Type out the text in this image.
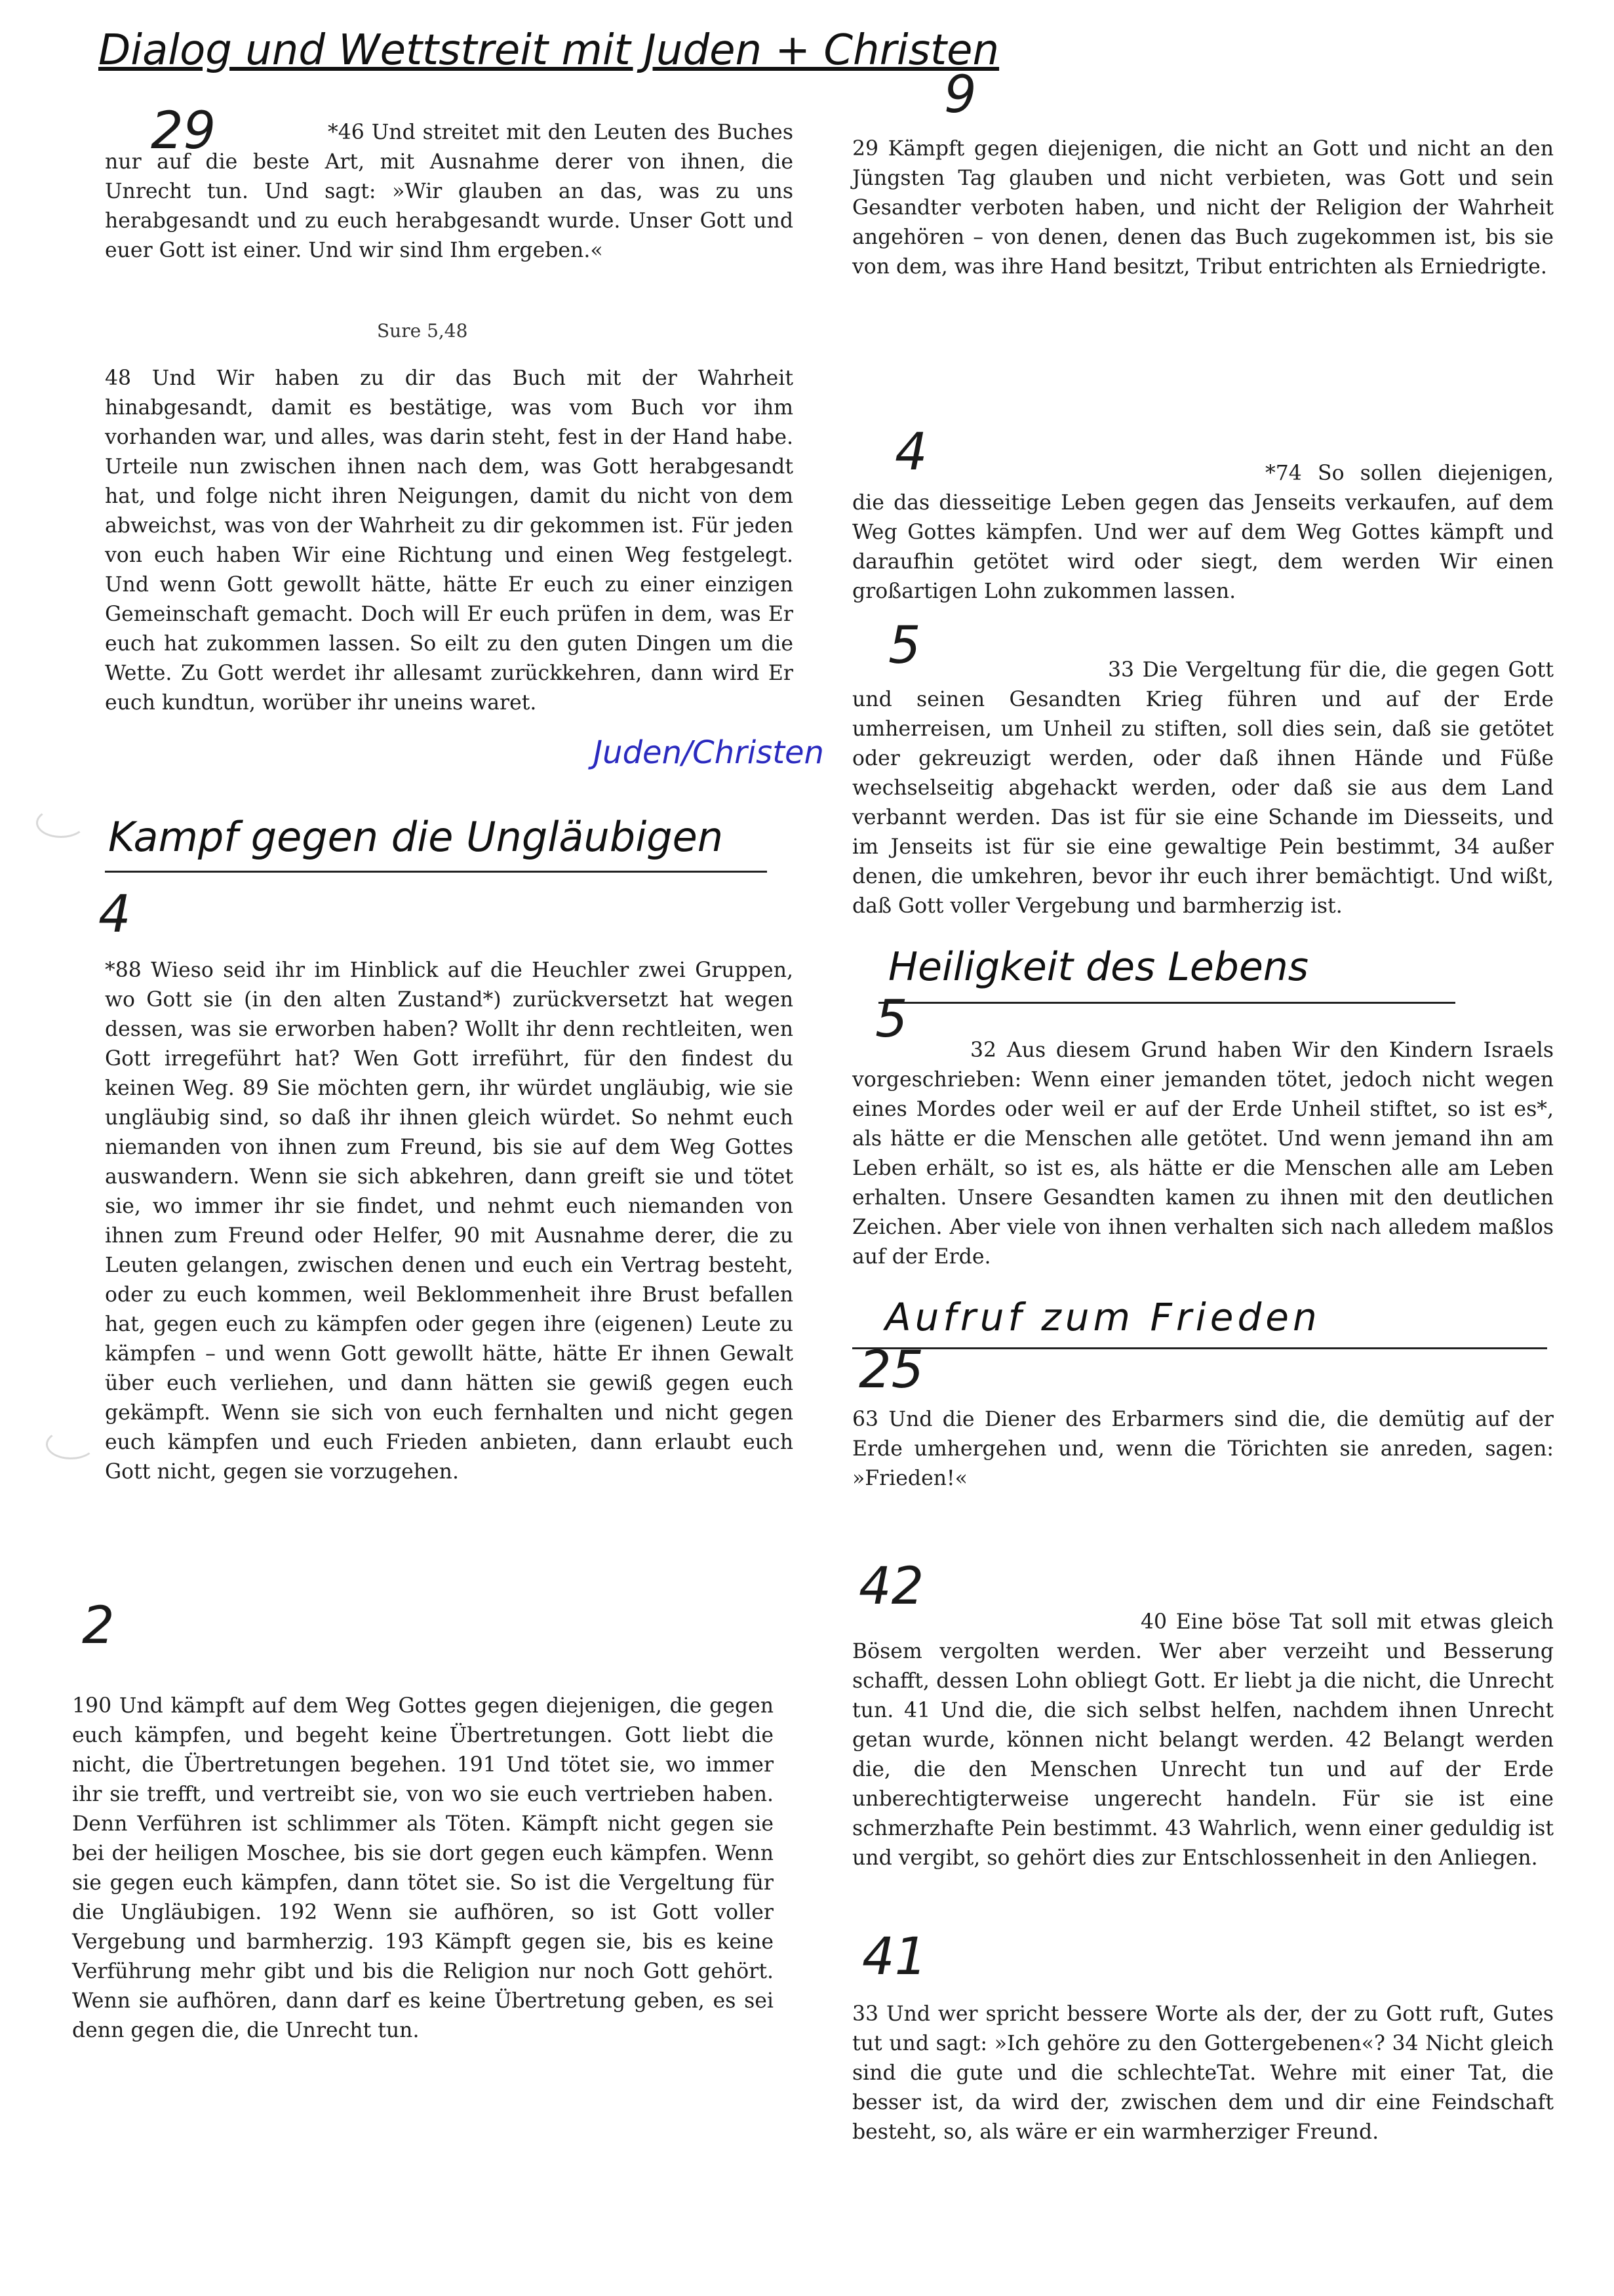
Dialog und Wettstreit mit Juden + Christen
29	*46 Und streitet mit den Leuten des Buches nur auf die beste Art, mit Ausnahme derer von ihnen, die Unrecht tun. Und sagt: »Wir glauben an das, was zu uns herabgesandt und zu euch herabgesandt wurde. Unser Gott und euer Gott ist einer. Und wir sind Ihm ergeben.«

Sure 5,48

48 Und Wir haben zu dir das Buch mit der Wahrheit hinabgesandt, damit es bestätige, was vom Buch vor ihm vorhanden war, und alles, was darin steht, fest in der Hand habe. Urteile nun zwischen ihnen nach dem, was Gott herabgesandt hat, und folge nicht ihren Neigungen, damit du nicht von dem abweichst, was von der Wahrheit zu dir gekommen ist. Für jeden von euch haben Wir eine Richtung und einen Weg festgelegt. Und wenn Gott gewollt hätte, hätte Er euch zu einer einzigen Gemeinschaft gemacht. Doch will Er euch prüfen in dem, was Er euch hat zukommen lassen. So eilt zu den guten Dingen um die Wette. Zu Gott werdet ihr allesamt zurückkehren, dann wird Er euch kundtun, worüber ihr uneins waret.

Juden/Christen
Kampf gegen die Ungläubigen
4

*88 Wieso seid ihr im Hinblick auf die Heuchler zwei Gruppen, wo Gott sie (in den alten Zustand*) zurückversetzt hat wegen dessen, was sie erworben haben? Wollt ihr denn rechtleiten, wen Gott irregeführt hat? Wen Gott irreführt, für den findest du keinen Weg. 89 Sie möchten gern, ihr würdet ungläubig, wie sie ungläubig sind, so daß ihr ihnen gleich würdet. So nehmt euch niemanden von ihnen zum Freund, bis sie auf dem Weg Gottes auswandern. Wenn sie sich abkehren, dann greift sie und tötet sie, wo immer ihr sie findet, und nehmt euch niemanden von ihnen zum Freund oder Helfer, 90 mit Ausnahme derer, die zu Leuten gelangen, zwischen denen und euch ein Vertrag besteht, oder zu euch kommen, weil Beklommenheit ihre Brust befallen hat, gegen euch zu kämpfen oder gegen ihre (eigenen) Leute zu kämpfen – und wenn Gott gewollt hätte, hätte Er ihnen Gewalt über euch verliehen, und dann hätten sie gewiß gegen euch gekämpft. Wenn sie sich von euch fernhalten und nicht gegen euch kämpfen und euch Frieden anbieten, dann erlaubt euch Gott nicht, gegen sie vorzugehen.

2

190 Und kämpft auf dem Weg Gottes gegen diejenigen, die gegen euch kämpfen, und begeht keine Übertretungen. Gott liebt die nicht, die Übertretungen begehen. 191 Und tötet sie, wo immer ihr sie trefft, und vertreibt sie, von wo sie euch vertrieben haben. Denn Verführen ist schlimmer als Töten. Kämpft nicht gegen sie bei der heiligen Moschee, bis sie dort gegen euch kämpfen. Wenn sie gegen euch kämpfen, dann tötet sie. So ist die Vergeltung für die Ungläubigen. 192 Wenn sie aufhören, so ist Gott voller Vergebung und barmherzig. 193 Kämpft gegen sie, bis es keine Verführung mehr gibt und bis die Religion nur noch Gott gehört. Wenn sie aufhören, dann darf es keine Übertretung geben, es sei denn gegen die, die Unrecht tun.

9

29 Kämpft gegen diejenigen, die nicht an Gott und nicht an den Jüngsten Tag glauben und nicht verbieten, was Gott und sein Gesandter verboten haben, und nicht der Religion der Wahrheit angehören – von denen, denen das Buch zugekommen ist, bis sie von dem, was ihre Hand besitzt, Tribut entrichten als Erniedrigte.

4	*74 So sollen diejenigen, die das diesseitige Leben gegen das Jenseits verkaufen, auf dem Weg Gottes kämpfen. Und wer auf dem Weg Gottes kämpft und daraufhin getötet wird oder siegt, dem werden Wir einen großartigen Lohn zukommen lassen.

5	33 Die Vergeltung für die, die gegen Gott und seinen Gesandten Krieg führen und auf der Erde umherreisen, um Unheil zu stiften, soll dies sein, daß sie getötet oder gekreuzigt werden, oder daß ihnen Hände und Füße wechselseitig abgehackt werden, oder daß sie aus dem Land verbannt werden. Das ist für sie eine Schande im Diesseits, und im Jenseits ist für sie eine gewaltige Pein bestimmt, 34 außer denen, die umkehren, bevor ihr euch ihrer bemächtigt. Und wißt, daß Gott voller Vergebung und barmherzig ist.

Heiligkeit des Lebens
5

32 Aus diesem Grund haben Wir den Kindern Israels vorgeschrieben: Wenn einer jemanden tötet, jedoch nicht wegen eines Mordes oder weil er auf der Erde Unheil stiftet, so ist es*, als hätte er die Menschen alle getötet. Und wenn jemand ihn am Leben erhält, so ist es, als hätte er die Menschen alle am Leben erhalten. Unsere Gesandten kamen zu ihnen mit den deutlichen Zeichen. Aber viele von ihnen verhalten sich nach alledem maßlos auf der Erde.

Aufruf zum Frieden
25

63 Und die Diener des Erbarmers sind die, die demütig auf der Erde umhergehen und, wenn die Törichten sie anreden, sagen: »Frieden!«

42

40 Eine böse Tat soll mit etwas gleich Bösem vergolten werden. Wer aber verzeiht und Besserung schafft, dessen Lohn obliegt Gott. Er liebt ja die nicht, die Unrecht tun. 41 Und die, die sich selbst helfen, nachdem ihnen Unrecht getan wurde, können nicht belangt werden. 42 Belangt werden die, die den Menschen Unrecht tun und auf der Erde unberechtigterweise ungerecht handeln. Für sie ist eine schmerzhafte Pein bestimmt. 43 Wahrlich, wenn einer geduldig ist und vergibt, so gehört dies zur Entschlossenheit in den Anliegen.

41

33 Und wer spricht bessere Worte als der, der zu Gott ruft, Gutes tut und sagt: »Ich gehöre zu den Gottergebenen«? 34 Nicht gleich sind die gute und die schlechteTat. Wehre mit einer Tat, die besser ist, da wird der, zwischen dem und dir eine Feindschaft besteht, so, als wäre er ein warmherziger Freund.
